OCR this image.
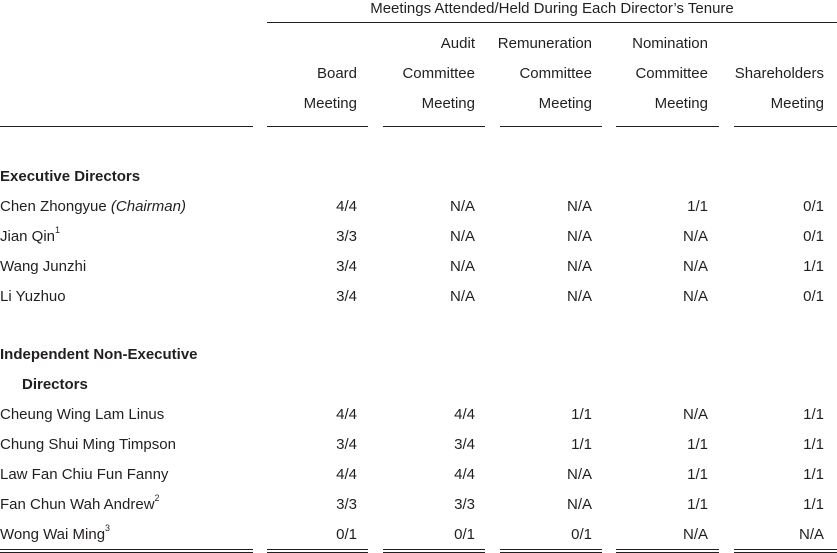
Meetings Attended/Held During Each Director’s Tenure
Board
Meeting
Audit
Committee
Meeting
Remuneration
Committee
Meeting
Nomination
Committee
Meeting
Shareholders
Meeting
Executive Directors
Chen Zhongyue (Chairman)	4/4	N/A	N/A	1/1	0/1
Jian Qin$^1$	3/3	N/A	N/A	N/A	0/1
Wang Junzhi	3/4	N/A	N/A	N/A	1/1
Li Yuzhuo	3/4	N/A	N/A	N/A	0/1
Independent Non-Executive
Directors
Cheung Wing Lam Linus	4/4	4/4	1/1	N/A	1/1
Chung Shui Ming Timpson	3/4	3/4	1/1	1/1	1/1
Law Fan Chiu Fun Fanny	4/4	4/4	N/A	1/1	1/1
Fan Chun Wah Andrew$^2$	3/3	3/3	N/A	1/1	1/1
Wong Wai Ming$^3$	0/1	0/1	0/1	N/A	N/A
